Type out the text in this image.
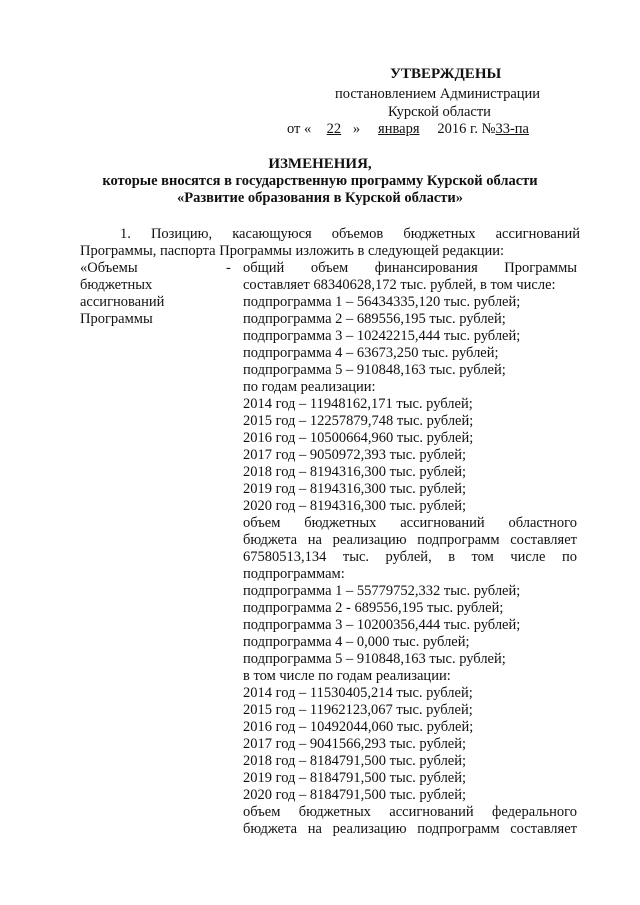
УТВЕРЖДЕНЫ
постановлением Администрации
Курской области
от « 22 » января 2016 г. №33-па
ИЗМЕНЕНИЯ,
которые вносятся в государственную программу Курской области
«Развитие образования в Курской области»
1. Позицию, касающуюся объемов бюджетных ассигнований
Программы, паспорта Программы изложить в следующей редакции:
«Объемы
бюджетных
ассигнований
Программы
- общий объем финансирования Программы
составляет 68340628,172 тыс. рублей, в том числе:
подпрограмма 1 – 56434335,120 тыс. рублей;
подпрограмма 2 – 689556,195 тыс. рублей;
подпрограмма 3 – 10242215,444 тыс. рублей;
подпрограмма 4 – 63673,250 тыс. рублей;
подпрограмма 5 – 910848,163 тыс. рублей;
по годам реализации:
2014 год – 11948162,171 тыс. рублей;
2015 год – 12257879,748 тыс. рублей;
2016 год – 10500664,960 тыс. рублей;
2017 год – 9050972,393 тыс. рублей;
2018 год – 8194316,300 тыс. рублей;
2019 год – 8194316,300 тыс. рублей;
2020 год – 8194316,300 тыс. рублей;
объем бюджетных ассигнований областного
бюджета на реализацию подпрограмм составляет
67580513,134 тыс. рублей, в том числе по
подпрограммам:
подпрограмма 1 – 55779752,332 тыс. рублей;
подпрограмма 2 - 689556,195 тыс. рублей;
подпрограмма 3 – 10200356,444 тыс. рублей;
подпрограмма 4 – 0,000 тыс. рублей;
подпрограмма 5 – 910848,163 тыс. рублей;
в том числе по годам реализации:
2014 год – 11530405,214 тыс. рублей;
2015 год – 11962123,067 тыс. рублей;
2016 год – 10492044,060 тыс. рублей;
2017 год – 9041566,293 тыс. рублей;
2018 год – 8184791,500 тыс. рублей;
2019 год – 8184791,500 тыс. рублей;
2020 год – 8184791,500 тыс. рублей;
объем бюджетных ассигнований федерального
бюджета на реализацию подпрограмм составляет
